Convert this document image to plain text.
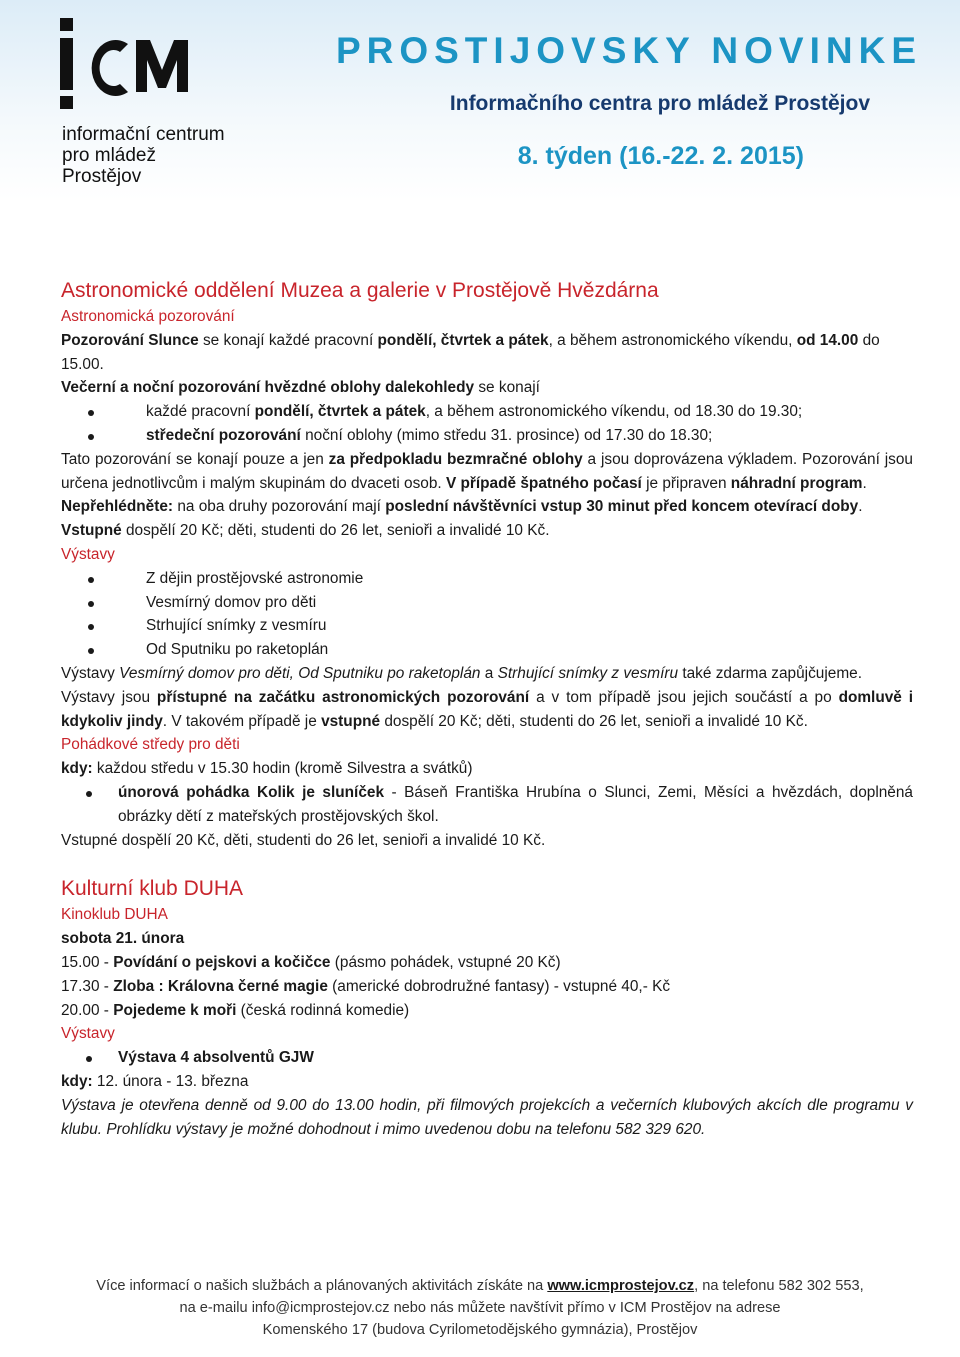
informační centrum
pro mládež
Prostějov
PROSTIJOVSKY NOVINKE
Informačního centra pro mládež Prostějov
8. týden (16.-22. 2. 2015)

Astronomické oddělení Muzea a galerie v Prostějově Hvězdárna

Astronomická pozorování

Pozorování Slunce se konají každé pracovní pondělí, čtvrtek a pátek, a během astronomického víkendu, od 14.00 do 15.00.

Večerní a noční pozorování hvězdné oblohy dalekohledy se konají

každé pracovní pondělí, čtvrtek a pátek, a během astronomického víkendu, od 18.30 do 19.30;
středeční pozorování noční oblohy (mimo středu 31. prosince) od 17.30 do 18.30;

Tato pozorování se konají pouze a jen za předpokladu bezmračné oblohy a jsou doprovázena výkladem. Pozorování jsou určena jednotlivcům i malým skupinám do dvaceti osob. V případě špatného počasí je připraven náhradní program.

Nepřehlédněte: na oba druhy pozorování mají poslední návštěvníci vstup 30 minut před koncem otevírací doby.

Vstupné dospělí 20 Kč; děti, studenti do 26 let, senioři a invalidé 10 Kč.

Výstavy

Z dějin prostějovské astronomie
Vesmírný domov pro děti
Strhující snímky z vesmíru
Od Sputniku po raketoplán

Výstavy Vesmírný domov pro děti, Od Sputniku po raketoplán a Strhující snímky z vesmíru také zdarma zapůjčujeme.

Výstavy jsou přístupné na začátku astronomických pozorování a v tom případě jsou jejich součástí a po domluvě i kdykoliv jindy. V takovém případě je vstupné dospělí 20 Kč; děti, studenti do 26 let, senioři a invalidé 10 Kč.

Pohádkové středy pro děti

kdy: každou středu v 15.30 hodin (kromě Silvestra a svátků)

únorová pohádka Kolik je sluníček - Báseň Františka Hrubína o Slunci, Zemi, Měsíci a hvězdách, doplněná obrázky dětí z mateřských prostějovských škol.

Vstupné dospělí 20 Kč, děti, studenti do 26 let, senioři a invalidé 10 Kč.

Kulturní klub DUHA

Kinoklub DUHA

sobota 21. února

15.00 - Povídání o pejskovi a kočičce (pásmo pohádek, vstupné 20 Kč)

17.30 - Zloba : Královna černé magie (americké dobrodružné fantasy) - vstupné 40,- Kč

20.00 - Pojedeme k moři (česká rodinná komedie)

Výstavy

Výstava 4 absolventů GJW

kdy: 12. února - 13. března

Výstava je otevřena denně od 9.00 do 13.00 hodin, při filmových projekcích a večerních klubových akcích dle programu v klubu. Prohlídku výstavy je možné dohodnout i mimo uvedenou dobu na telefonu 582 329 620.

Více informací o našich službách a plánovaných aktivitách získáte na www.icmprostejov.cz, na telefonu 582 302 553,
na e-mailu info@icmprostejov.cz nebo nás můžete navštívit přímo v ICM Prostějov na adrese
Komenského 17 (budova Cyrilometodějského gymnázia), Prostějov
